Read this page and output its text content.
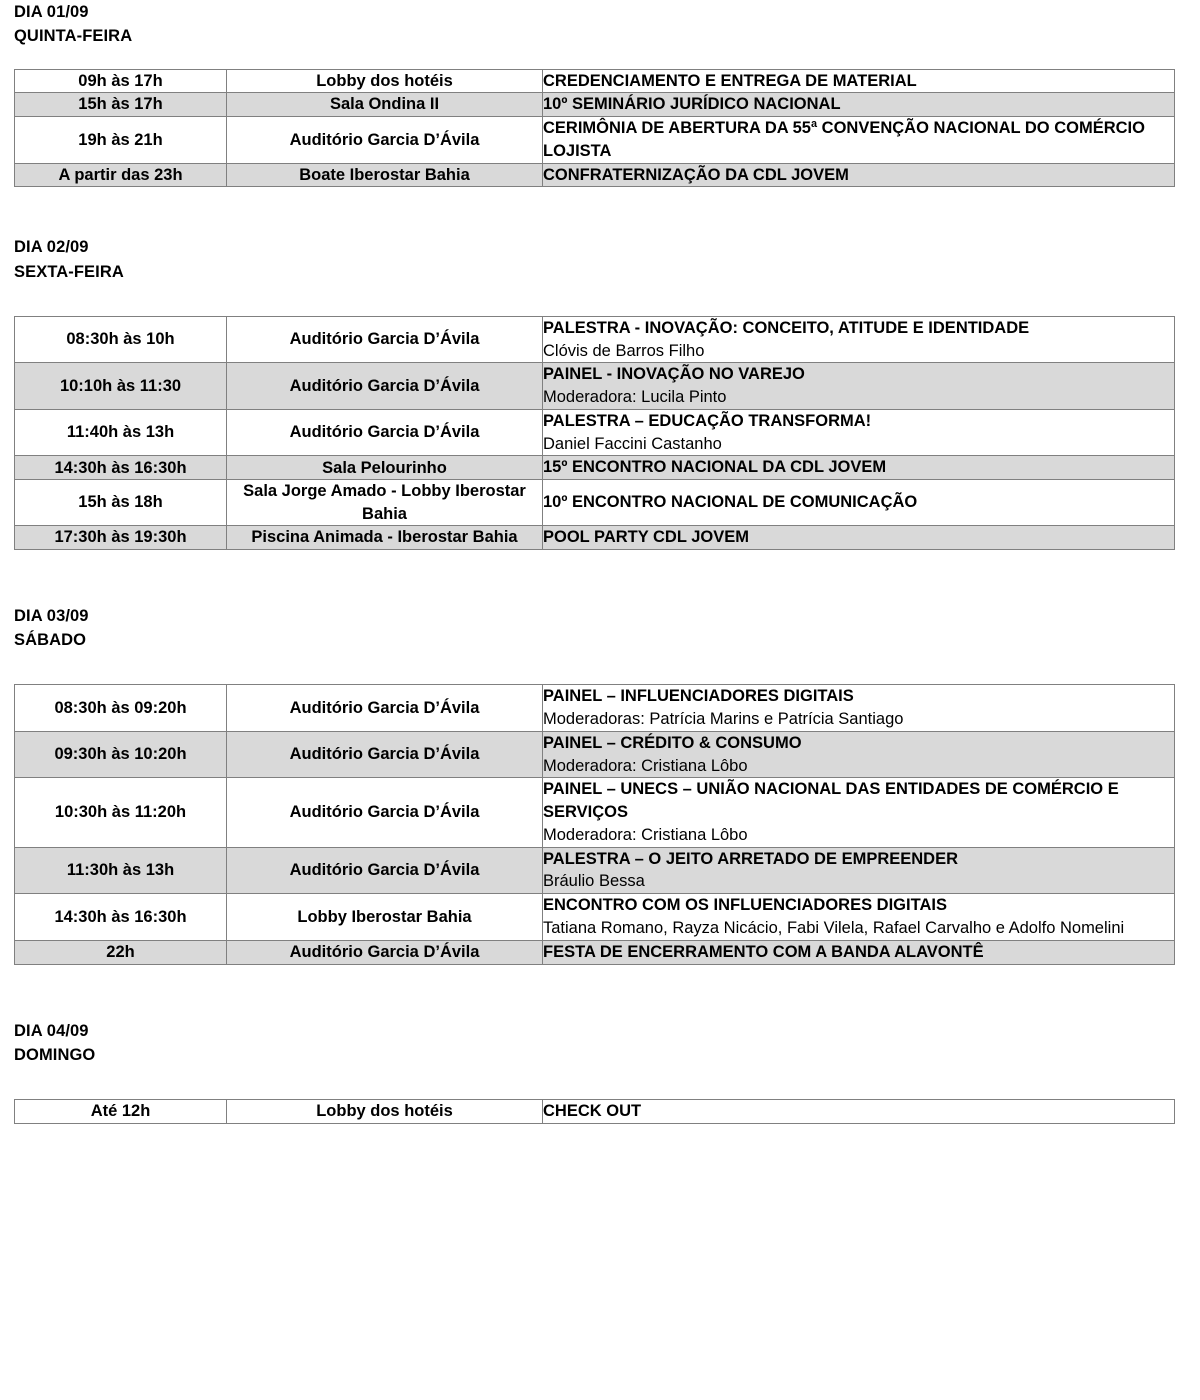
DIA 01/09
QUINTA-FEIRA
09h às 17h	Lobby dos hotéis	CREDENCIAMENTO E ENTREGA DE MATERIAL

15h às 17h	Sala Ondina II	10º SEMINÁRIO JURÍDICO NACIONAL

19h às 21h	Auditório Garcia D’Ávila	CERIMÔNIA DE ABERTURA DA 55ª CONVENÇÃO NACIONAL DO COMÉRCIO LOJISTA

A partir das 23h	Boate Iberostar Bahia	CONFRATERNIZAÇÃO DA CDL JOVEM
DIA 02/09
SEXTA-FEIRA
08:30h às 10h	Auditório Garcia D’Ávila	PALESTRA - INOVAÇÃO: CONCEITO, ATITUDE E IDENTIDADE
Clóvis de Barros Filho

10:10h às 11:30	Auditório Garcia D’Ávila	PAINEL - INOVAÇÃO NO VAREJO
Moderadora: Lucila Pinto

11:40h às 13h	Auditório Garcia D’Ávila	PALESTRA – EDUCAÇÃO TRANSFORMA!
Daniel Faccini Castanho

14:30h às 16:30h	Sala Pelourinho	15º ENCONTRO NACIONAL DA CDL JOVEM

15h às 18h	Sala Jorge Amado - Lobby Iberostar Bahia	10º ENCONTRO NACIONAL DE COMUNICAÇÃO

17:30h às 19:30h	Piscina Animada - Iberostar Bahia	POOL PARTY CDL JOVEM
DIA 03/09
SÁBADO
08:30h às 09:20h	Auditório Garcia D’Ávila	PAINEL – INFLUENCIADORES DIGITAIS
Moderadoras: Patrícia Marins e Patrícia Santiago

09:30h às 10:20h	Auditório Garcia D’Ávila	PAINEL – CRÉDITO & CONSUMO
Moderadora: Cristiana Lôbo

10:30h às 11:20h	Auditório Garcia D’Ávila	PAINEL – UNECS – UNIÃO NACIONAL DAS ENTIDADES DE COMÉRCIO E SERVIÇOS
Moderadora: Cristiana Lôbo

11:30h às 13h	Auditório Garcia D’Ávila	PALESTRA – O JEITO ARRETADO DE EMPREENDER
Bráulio Bessa

14:30h às 16:30h	Lobby Iberostar Bahia	ENCONTRO COM OS INFLUENCIADORES DIGITAIS
Tatiana Romano, Rayza Nicácio, Fabi Vilela, Rafael Carvalho e Adolfo Nomelini

22h	Auditório Garcia D’Ávila	FESTA DE ENCERRAMENTO COM A BANDA ALAVONTÊ
DIA 04/09
DOMINGO
Até 12h	Lobby dos hotéis	CHECK OUT
